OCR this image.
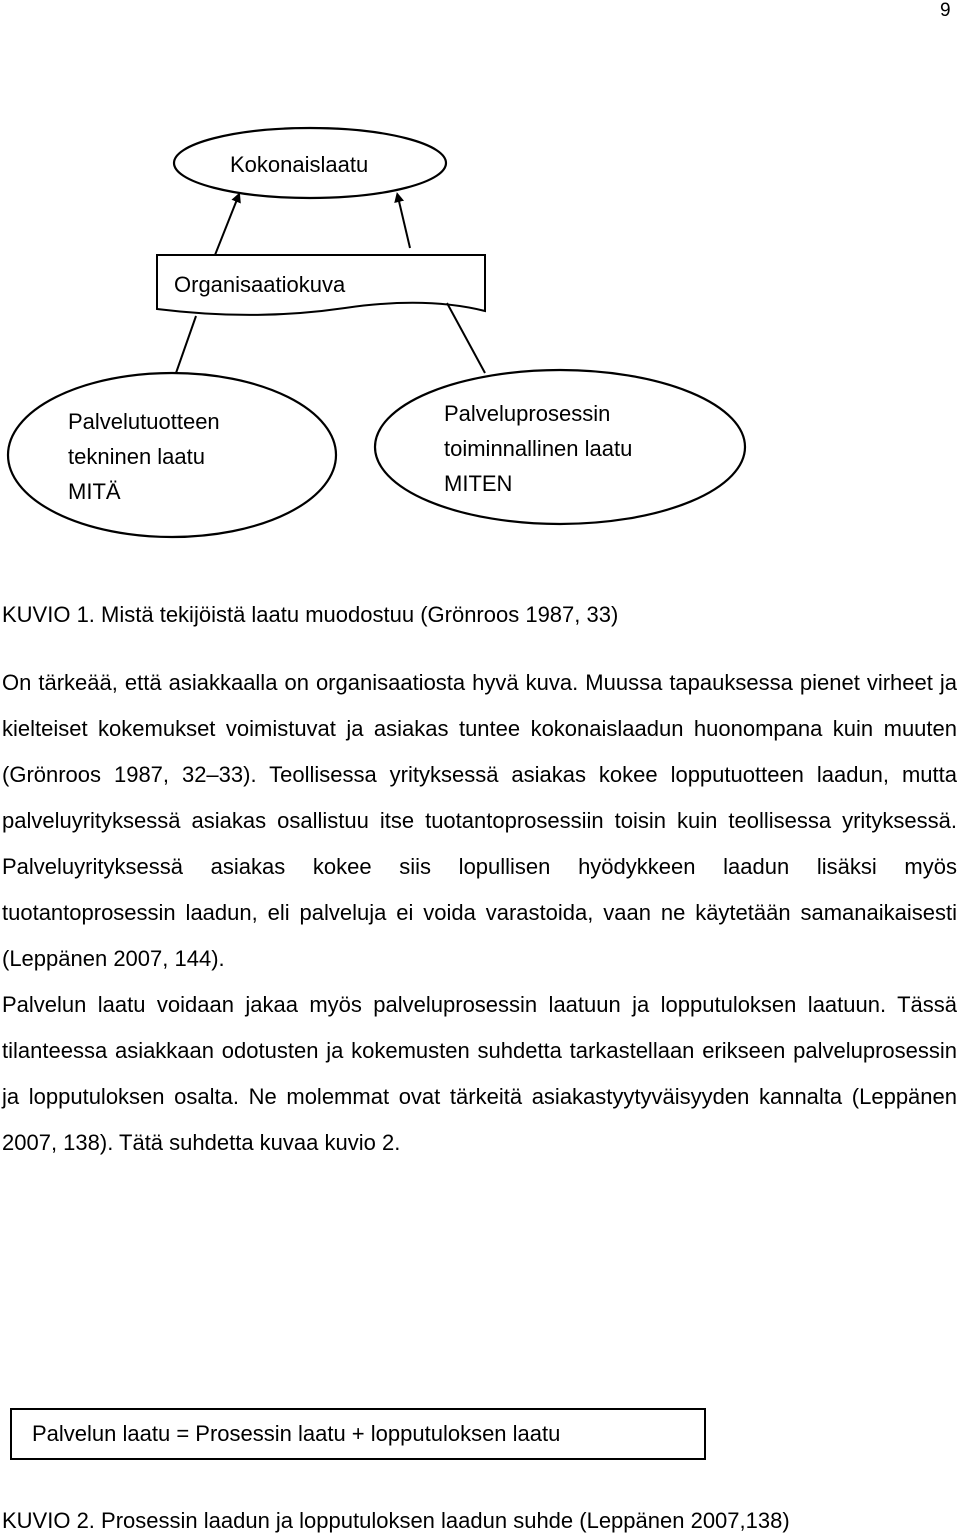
9
Kokonaislaatu
Organisaatiokuva
Palvelutuotteen
tekninen laatu
MITÄ
Palveluprosessin
toiminnallinen laatu
MITEN
KUVIO 1. Mistä tekijöistä laatu muodostuu (Grönroos 1987, 33)

On tärkeää, että asiakkaalla on organisaatiosta hyvä kuva. Muussa tapauksessa pienet virheet ja kielteiset kokemukset voimistuvat ja asiakas tuntee kokonaislaadun huonompana kuin muuten (Grönroos 1987, 32–33). Teollisessa yrityksessä asiakas kokee lopputuotteen laadun, mutta palveluyrityksessä asiakas osallistuu itse tuotantoprosessiin toisin kuin teollisessa yrityksessä. Palveluyrityksessä asiakas kokee siis lopullisen hyödykkeen laadun lisäksi myös tuotantoprosessin laadun, eli palveluja ei voida varastoida, vaan ne käytetään samanaikaisesti (Leppänen 2007, 144).

Palvelun laatu voidaan jakaa myös palveluprosessin laatuun ja lopputuloksen laatuun. Tässä tilanteessa asiakkaan odotusten ja kokemusten suhdetta tarkastellaan erikseen palveluprosessin ja lopputuloksen osalta. Ne molemmat ovat tärkeitä asiakastyytyväisyyden kannalta (Leppänen 2007, 138). Tätä suhdetta kuvaa kuvio 2.

Palvelun laatu = Prosessin laatu + lopputuloksen laatu
KUVIO 2. Prosessin laadun ja lopputuloksen laadun suhde (Leppänen 2007,138)
